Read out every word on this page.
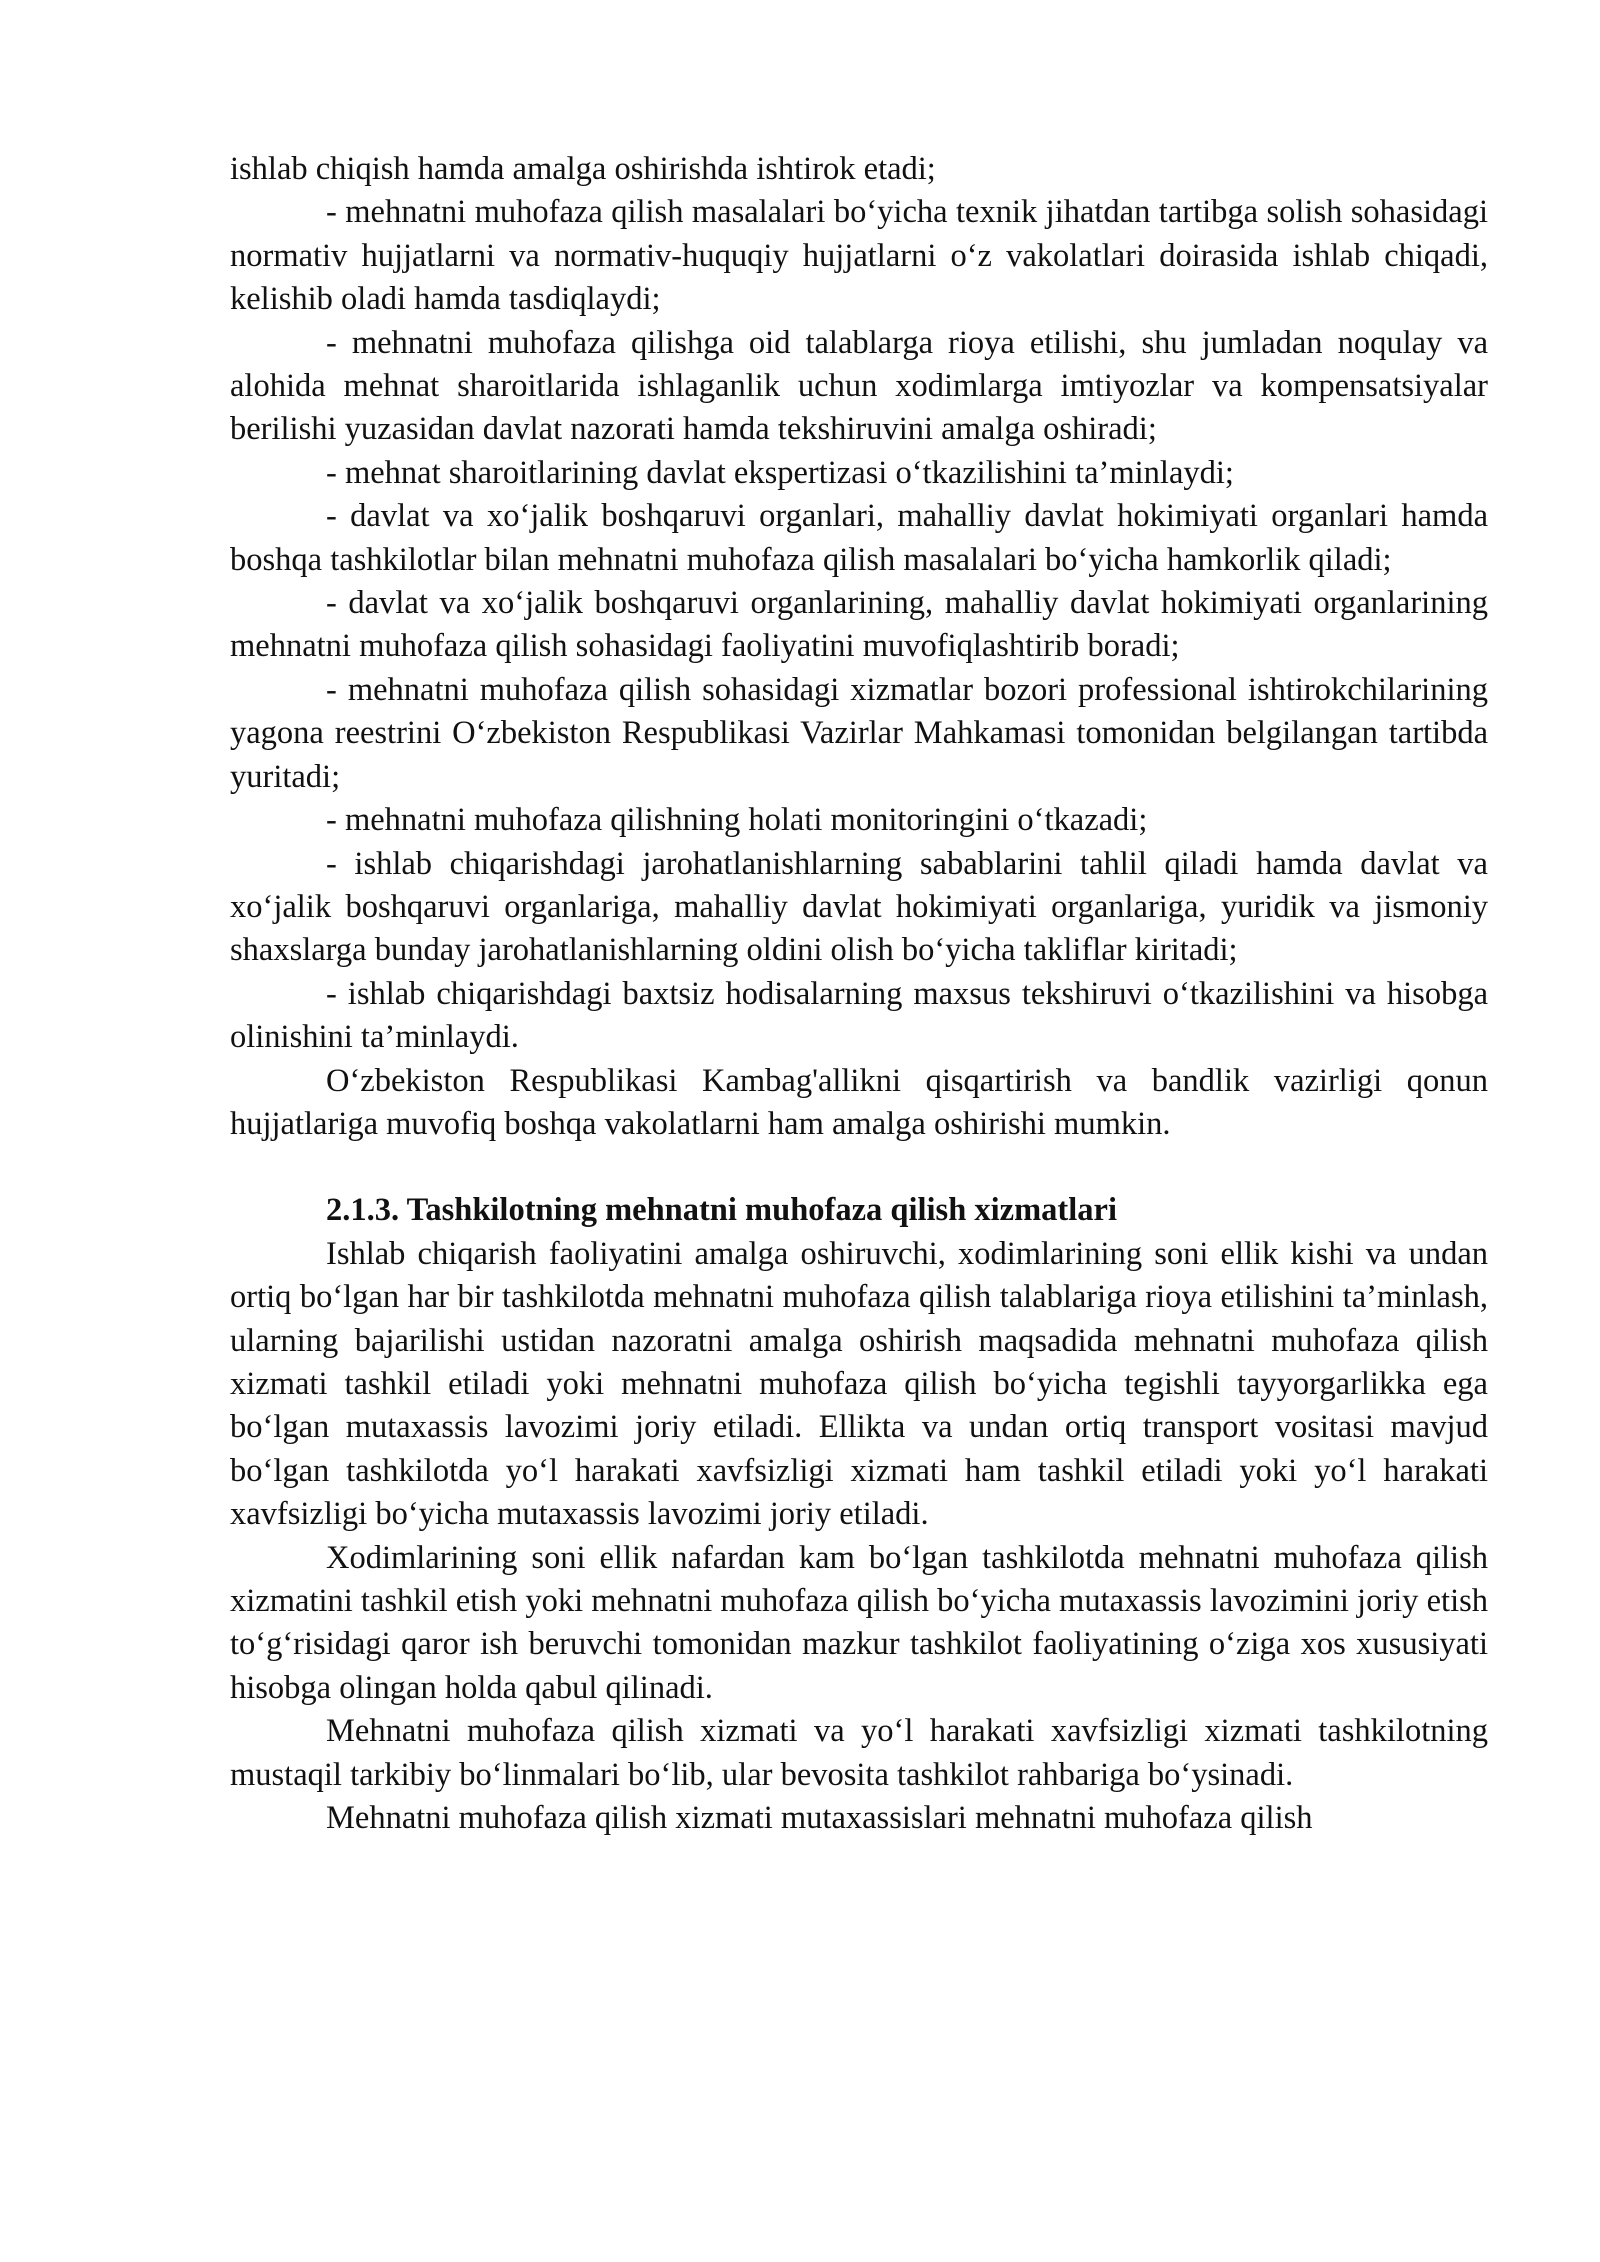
ishlab chiqish hamda amalga oshirishda ishtirok etadi;

- mehnatni muhofaza qilish masalalari bo‘yicha texnik jihatdan tartibga solish sohasidagi normativ hujjatlarni va normativ-huquqiy hujjatlarni o‘z vakolatlari doirasida ishlab chiqadi, kelishib oladi hamda tasdiqlaydi;

- mehnatni muhofaza qilishga oid talablarga rioya etilishi, shu jumladan noqulay va alohida mehnat sharoitlarida ishlaganlik uchun xodimlarga imtiyozlar va kompensatsiyalar berilishi yuzasidan davlat nazorati hamda tekshiruvini amalga oshiradi;

- mehnat sharoitlarining davlat ekspertizasi o‘tkazilishini ta’minlaydi;

- davlat va xo‘jalik boshqaruvi organlari, mahalliy davlat hokimiyati organlari hamda boshqa tashkilotlar bilan mehnatni muhofaza qilish masalalari bo‘yicha hamkorlik qiladi;

- davlat va xo‘jalik boshqaruvi organlarining, mahalliy davlat hokimiyati organlarining mehnatni muhofaza qilish sohasidagi faoliyatini muvofiqlashtirib boradi;

- mehnatni muhofaza qilish sohasidagi xizmatlar bozori professional ishtirokchilarining yagona reestrini O‘zbekiston Respublikasi Vazirlar Mahkamasi tomonidan belgilangan tartibda yuritadi;

- mehnatni muhofaza qilishning holati monitoringini o‘tkazadi;

- ishlab chiqarishdagi jarohatlanishlarning sabablarini tahlil qiladi hamda davlat va xo‘jalik boshqaruvi organlariga, mahalliy davlat hokimiyati organlariga, yuridik va jismoniy shaxslarga bunday jarohatlanishlarning oldini olish bo‘yicha takliflar kiritadi;

- ishlab chiqarishdagi baxtsiz hodisalarning maxsus tekshiruvi o‘tkazilishini va hisobga olinishini ta’minlaydi.

O‘zbekiston Respublikasi Kambag'allikni qisqartirish va bandlik vazirligi qonun hujjatlariga muvofiq boshqa vakolatlarni ham amalga oshirishi mumkin.

2.1.3. Tashkilotning mehnatni muhofaza qilish xizmatlari

Ishlab chiqarish faoliyatini amalga oshiruvchi, xodimlarining soni ellik kishi va undan ortiq bo‘lgan har bir tashkilotda mehnatni muhofaza qilish talablariga rioya etilishini ta’minlash, ularning bajarilishi ustidan nazoratni amalga oshirish maqsadida mehnatni muhofaza qilish xizmati tashkil etiladi yoki mehnatni muhofaza qilish bo‘yicha tegishli tayyorgarlikka ega bo‘lgan mutaxassis lavozimi joriy etiladi. Ellikta va undan ortiq transport vositasi mavjud bo‘lgan tashkilotda yo‘l harakati xavfsizligi xizmati ham tashkil etiladi yoki yo‘l harakati xavfsizligi bo‘yicha mutaxassis lavozimi joriy etiladi.

Xodimlarining soni ellik nafardan kam bo‘lgan tashkilotda mehnatni muhofaza qilish xizmatini tashkil etish yoki mehnatni muhofaza qilish bo‘yicha mutaxassis lavozimini joriy etish to‘g‘risidagi qaror ish beruvchi tomonidan mazkur tashkilot faoliyatining o‘ziga xos xususiyati hisobga olingan holda qabul qilinadi.

Mehnatni muhofaza qilish xizmati va yo‘l harakati xavfsizligi xizmati tashkilotning mustaqil tarkibiy bo‘linmalari bo‘lib, ular bevosita tashkilot rahbariga bo‘ysinadi.

Mehnatni muhofaza qilish xizmati mutaxassislari mehnatni muhofaza qilish
